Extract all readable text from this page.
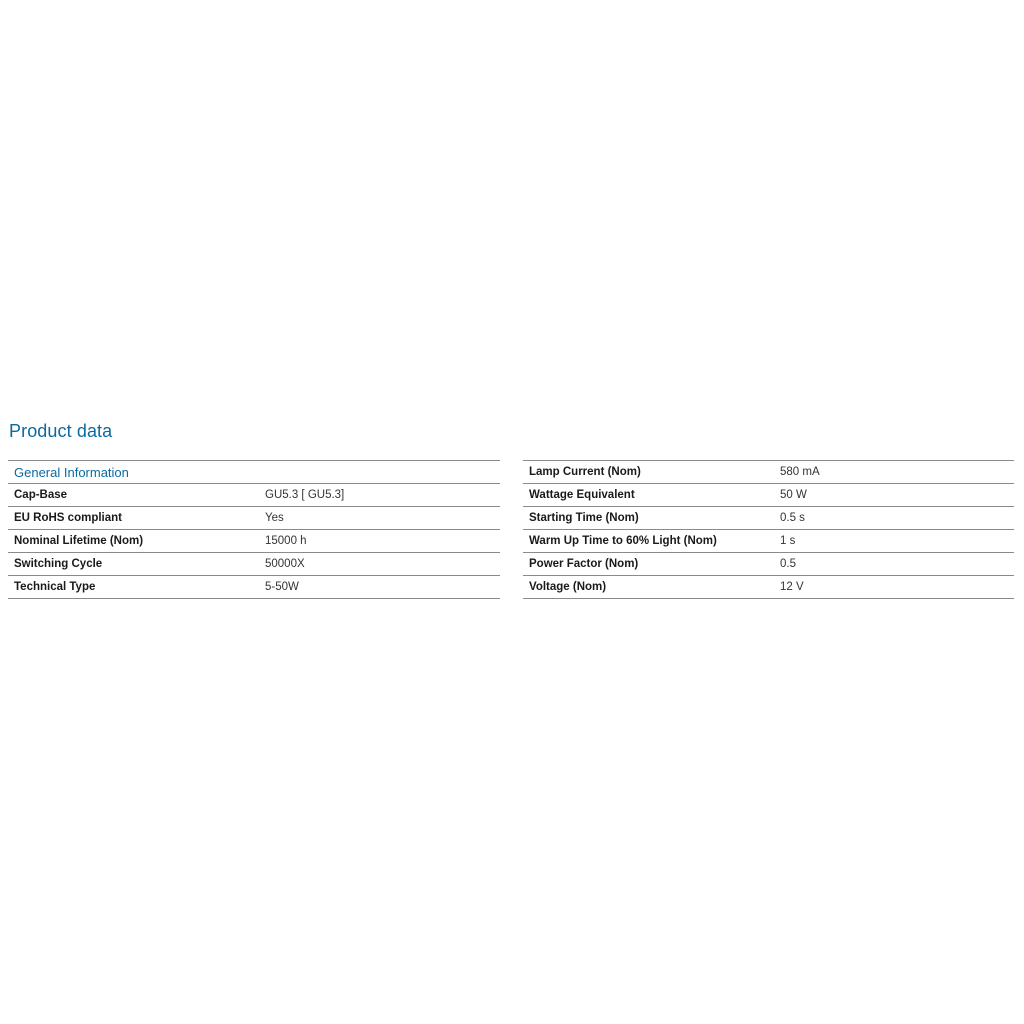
Product data
General Information	
Cap-Base	GU5.3 [ GU5.3]
EU RoHS compliant	Yes
Nominal Lifetime (Nom)	15000 h
Switching Cycle	50000X
Technical Type	5-50W
Lamp Current (Nom)	580 mA
Wattage Equivalent	50 W
Starting Time (Nom)	0.5 s
Warm Up Time to 60% Light (Nom)	1 s
Power Factor (Nom)	0.5
Voltage (Nom)	12 V
